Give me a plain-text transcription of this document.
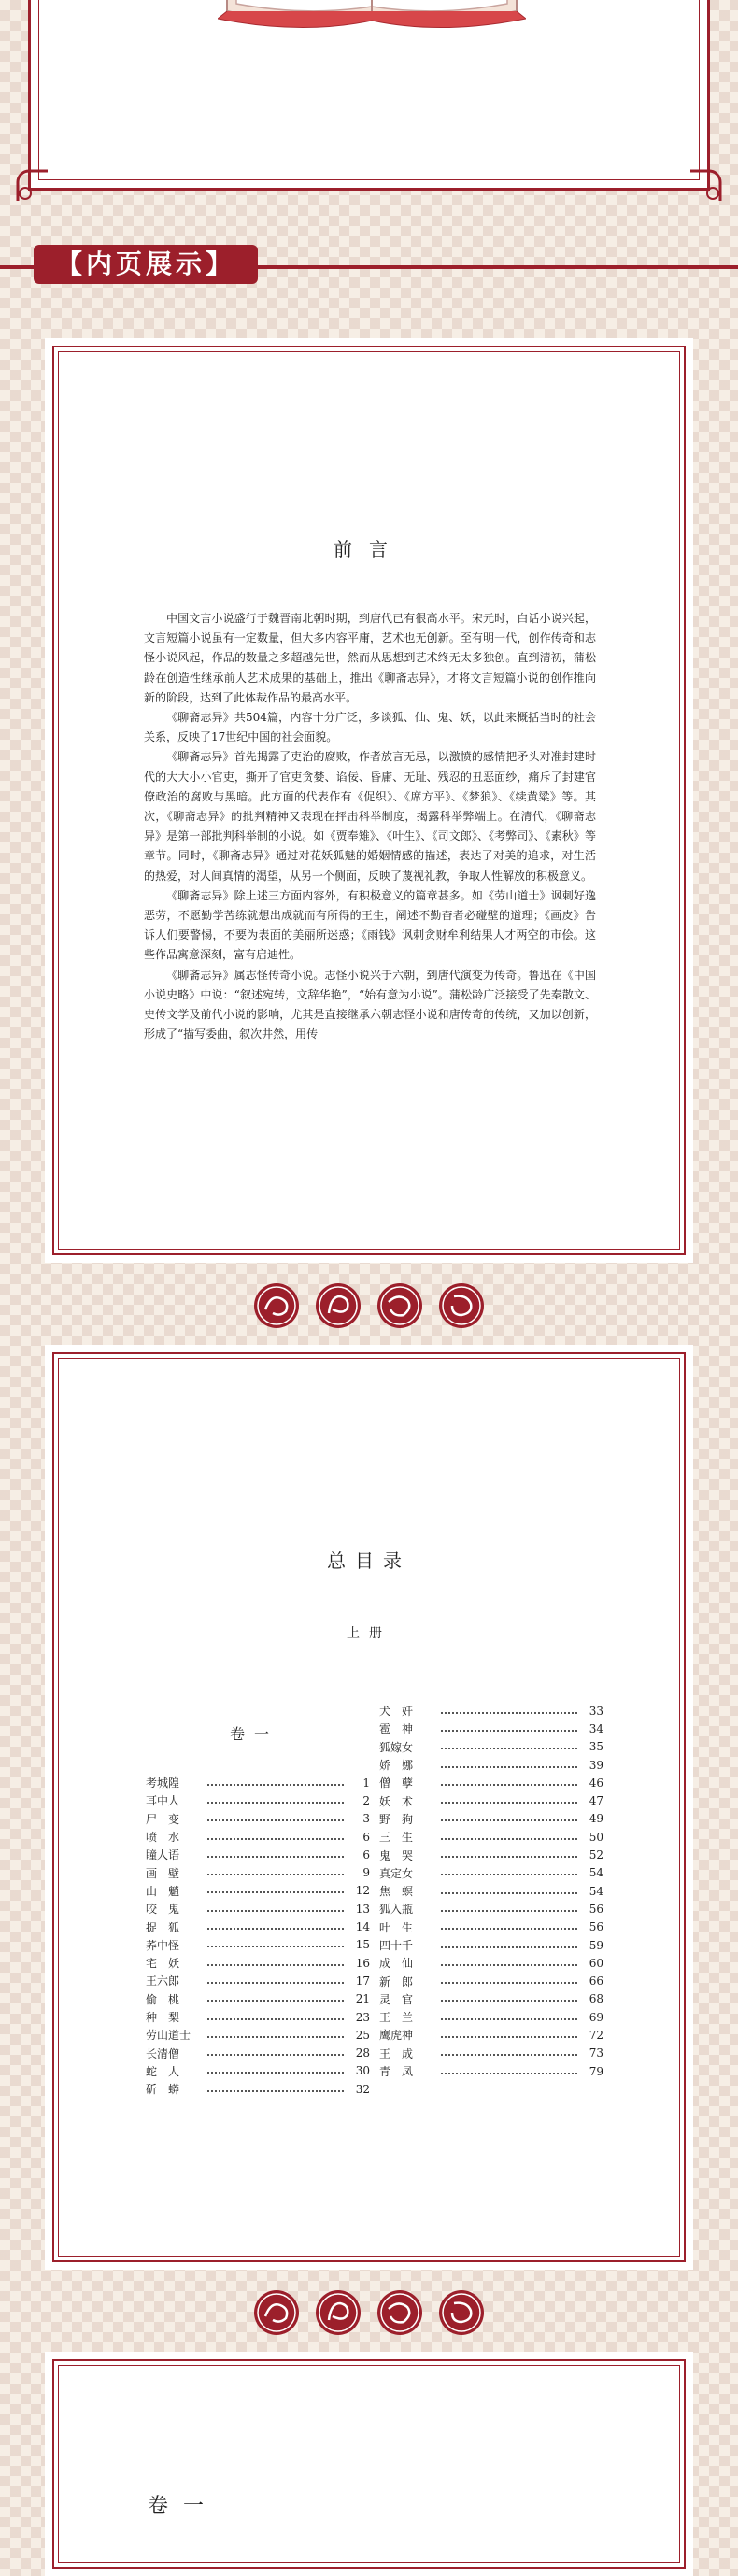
【内页展示】
前言

中国文言小说盛行于魏晋南北朝时期，到唐代已有很高水平。宋元时，白话小说兴起，文言短篇小说虽有一定数量，但大多内容平庸，艺术也无创新。至有明一代，创作传奇和志怪小说风起，作品的数量之多超越先世，然而从思想到艺术终无太多独创。直到清初，蒲松龄在创造性继承前人艺术成果的基础上，推出《聊斋志异》，才将文言短篇小说的创作推向新的阶段，达到了此体裁作品的最高水平。

《聊斋志异》共504篇，内容十分广泛，多谈狐、仙、鬼、妖，以此来概括当时的社会关系，反映了17世纪中国的社会面貌。

《聊斋志异》首先揭露了吏治的腐败，作者放言无忌，以激愤的感情把矛头对准封建时代的大大小小官吏，撕开了官吏贪婪、谄佞、昏庸、无耻、残忍的丑恶面纱，痛斥了封建官僚政治的腐败与黑暗。此方面的代表作有《促织》、《席方平》、《梦狼》、《续黄粱》等。其次，《聊斋志异》的批判精神又表现在抨击科举制度，揭露科举弊端上。在清代，《聊斋志异》是第一部批判科举制的小说。如《贾奉雉》、《叶生》、《司文郎》、《考弊司》、《素秋》等章节。同时，《聊斋志异》通过对花妖狐魅的婚姻情感的描述，表达了对美的追求，对生活的热爱，对人间真情的渴望，从另一个侧面，反映了蔑视礼教，争取人性解放的积极意义。

《聊斋志异》除上述三方面内容外，有积极意义的篇章甚多。如《劳山道士》讽刺好逸恶劳，不愿勤学苦练就想出成就而有所得的王生，阐述不勤奋者必碰壁的道理；《画皮》告诉人们要警惕，不要为表面的美丽所迷惑；《雨钱》讽刺贪财牟利结果人才两空的市侩。这些作品寓意深刻，富有启迪性。

《聊斋志异》属志怪传奇小说。志怪小说兴于六朝，到唐代演变为传奇。鲁迅在《中国小说史略》中说：“叙述宛转，文辞华艳”，“始有意为小说”。蒲松龄广泛接受了先秦散文、史传文学及前代小说的影响，尤其是直接继承六朝志怪小说和唐传奇的传统，又加以创新，形成了“描写委曲，叙次井然，用传

总目录
上册
卷一
考城隍	1
耳中人	2
尸　变	3
喷　水	6
瞳人语	6
画　壁	9
山　魈	12
咬　鬼	13
捉　狐	14
荞中怪	15
宅　妖	16
王六郎	17
偷　桃	21
种　梨	23
劳山道士	25
长清僧	28
蛇　人	30
斫　蟒	32
犬　奸	33
雹　神	34
狐嫁女	35
娇　娜	39
僧　孽	46
妖　术	47
野　狗	49
三　生	50
鬼　哭	52
真定女	54
焦　螟	54
狐入瓶	56
叶　生	56
四十千	59
成　仙	60
新　郎	66
灵　官	68
王　兰	69
鹰虎神	72
王　成	73
青　凤	79
卷一
